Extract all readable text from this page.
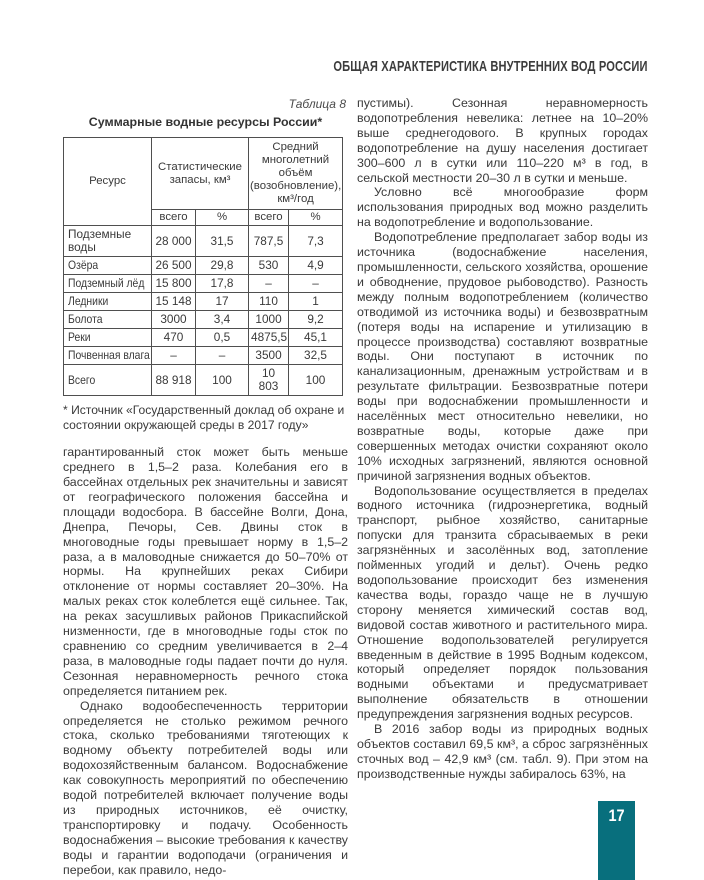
ОБЩАЯ ХАРАКТЕРИСТИКА ВНУТРЕННИХ ВОД РОССИИ
Таблица 8
Суммарные водные ресурсы России*
Ресурс	Статистические запасы, км³		Средний многолетний объём (возобновление), км³/год	
	всего	%	всего	%
Подземные воды	28 000	31,5	787,5	7,3
Озёра	26 500	29,8	530	4,9
Подземный лёд	15 800	17,8	–	–
Ледники	15 148	17	110	1
Болота	3000	3,4	1000	9,2
Реки	470	0,5	4875,5	45,1
Почвенная влага	–	–	3500	32,5
Всего	88 918	100	10 803	100
* Источник «Государственный доклад об охране и состоянии окружающей среды в 2017 году»

гарантированный сток может быть меньше среднего в 1,5–2 раза. Колебания его в бассейнах отдельных рек значительны и зависят от географического положения бассейна и площади водосбора. В бассейне Волги, Дона, Днепра, Печоры, Сев. Двины сток в многоводные годы превышает норму в 1,5–2 раза, а в маловодные снижается до 50–70% от нормы. На крупнейших реках Сибири отклонение от нормы составляет 20–30%. На малых реках сток колеблется ещё сильнее. Так, на реках засушливых районов Прикаспийской низменности, где в многоводные годы сток по сравнению со средним увеличивается в 2–4 раза, в маловодные годы падает почти до нуля. Сезонная неравномерность речного стока определяется питанием рек.

Однако водообеспеченность территории определяется не столько режимом речного стока, сколько требованиями тяготеющих к водному объекту потребителей воды или водохозяйственным балансом. Водоснабжение как совокупность мероприятий по обеспечению водой потребителей включает получение воды из природных источников, её очистку, транспортировку и подачу. Особенность водоснабжения – высокие требования к качеству воды и гарантии водоподачи (ограничения и перебои, как правило, недо-

пустимы). Сезонная неравномерность водопотребления невелика: летнее на 10–20% выше среднегодового. В крупных городах водопотребление на душу населения достигает 300–600 л в сутки или 110–220 м³ в год, в сельской местности 20–30 л в сутки и меньше.

Условно всё многообразие форм использования природных вод можно разделить на водопотребление и водопользование.

Водопотребление предполагает забор воды из источника (водоснабжение населения, промышленности, сельского хозяйства, орошение и обводнение, прудовое рыбоводство). Разность между полным водопотреблением (количество отводимой из источника воды) и безвозвратным (потеря воды на испарение и утилизацию в процессе производства) составляют возвратные воды. Они поступают в источник по канализационным, дренажным устройствам и в результате фильтрации. Безвозвратные потери воды при водоснабжении промышленности и населённых мест относительно невелики, но возвратные воды, которые даже при совершенных методах очистки сохраняют около 10% исходных загрязнений, являются основной причиной загрязнения водных объектов.

Водопользование осуществляется в пределах водного источника (гидроэнергетика, водный транспорт, рыбное хозяйство, санитарные попуски для транзита сбрасываемых в реки загрязнённых и засолённых вод, затопление пойменных угодий и дельт). Очень редко водопользование происходит без изменения качества воды, гораздо чаще не в лучшую сторону меняется химический состав вод, видовой состав животного и растительного мира. Отношение водопользователей регулируется введенным в действие в 1995 Водным кодексом, который определяет порядок пользования водными объектами и предусматривает выполнение обязательств в отношении предупреждения загрязнения водных ресурсов.

В 2016 забор воды из природных водных объектов составил 69,5 км³, а сброс загрязнённых сточных вод – 42,9 км³ (см. табл. 9). При этом на производственные нужды забиралось 63%, на

17
